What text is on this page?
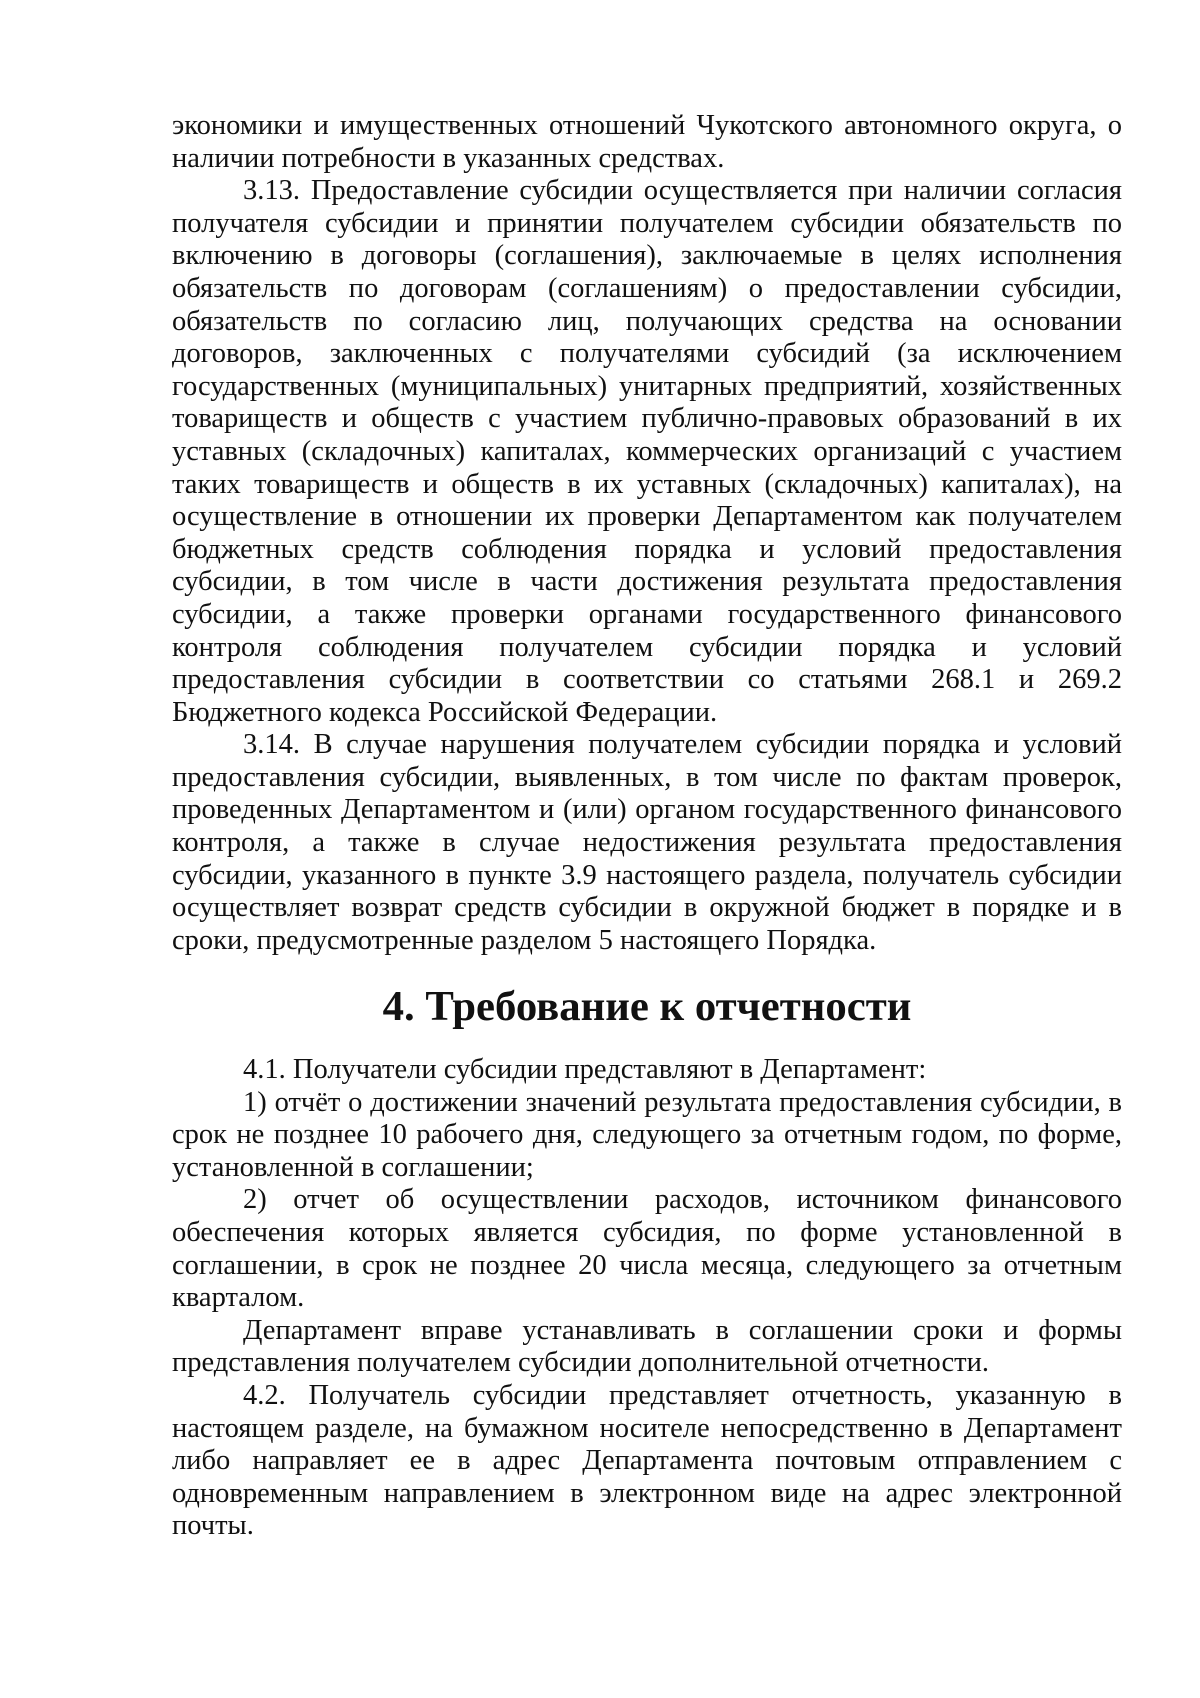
экономики и имущественных отношений Чукотского автономного округа, о наличии потребности в указанных средствах.

3.13. Предоставление субсидии осуществляется при наличии согласия получателя субсидии и принятии получателем субсидии обязательств по включению в договоры (соглашения), заключаемые в целях исполнения обязательств по договорам (соглашениям) о предоставлении субсидии, обязательств по согласию лиц, получающих средства на основании договоров, заключенных с получателями субсидий (за исключением государственных (муниципальных) унитарных предприятий, хозяйственных товариществ и обществ с участием публично-правовых образований в их уставных (складочных) капиталах, коммерческих организаций с участием таких товариществ и обществ в их уставных (складочных) капиталах), на осуществление в отношении их проверки Департаментом как получателем бюджетных средств соблюдения порядка и условий предоставления субсидии, в том числе в части достижения результата предоставления субсидии, а также проверки органами государственного финансового контроля соблюдения получателем субсидии порядка и условий предоставления субсидии в соответствии со статьями 268.1 и 269.2 Бюджетного кодекса Российской Федерации.

3.14. В случае нарушения получателем субсидии порядка и условий предоставления субсидии, выявленных, в том числе по фактам проверок, проведенных Департаментом и (или) органом государственного финансового контроля, а также в случае недостижения результата предоставления субсидии, указанного в пункте 3.9 настоящего раздела, получатель субсидии осуществляет возврат средств субсидии в окружной бюджет в порядке и в сроки, предусмотренные разделом 5 настоящего Порядка.

4. Требование к отчетности

4.1. Получатели субсидии представляют в Департамент:

1) отчёт о достижении значений результата предоставления субсидии, в срок не позднее 10 рабочего дня, следующего за отчетным годом, по форме, установленной в соглашении;

2) отчет об осуществлении расходов, источником финансового обеспечения которых является субсидия, по форме установленной в соглашении, в срок не позднее 20 числа месяца, следующего за отчетным кварталом.

Департамент вправе устанавливать в соглашении сроки и формы представления получателем субсидии дополнительной отчетности.

4.2. Получатель субсидии представляет отчетность, указанную в настоящем разделе, на бумажном носителе непосредственно в Департамент либо направляет ее в адрес Департамента почтовым отправлением с одновременным направлением в электронном виде на адрес электронной почты.
